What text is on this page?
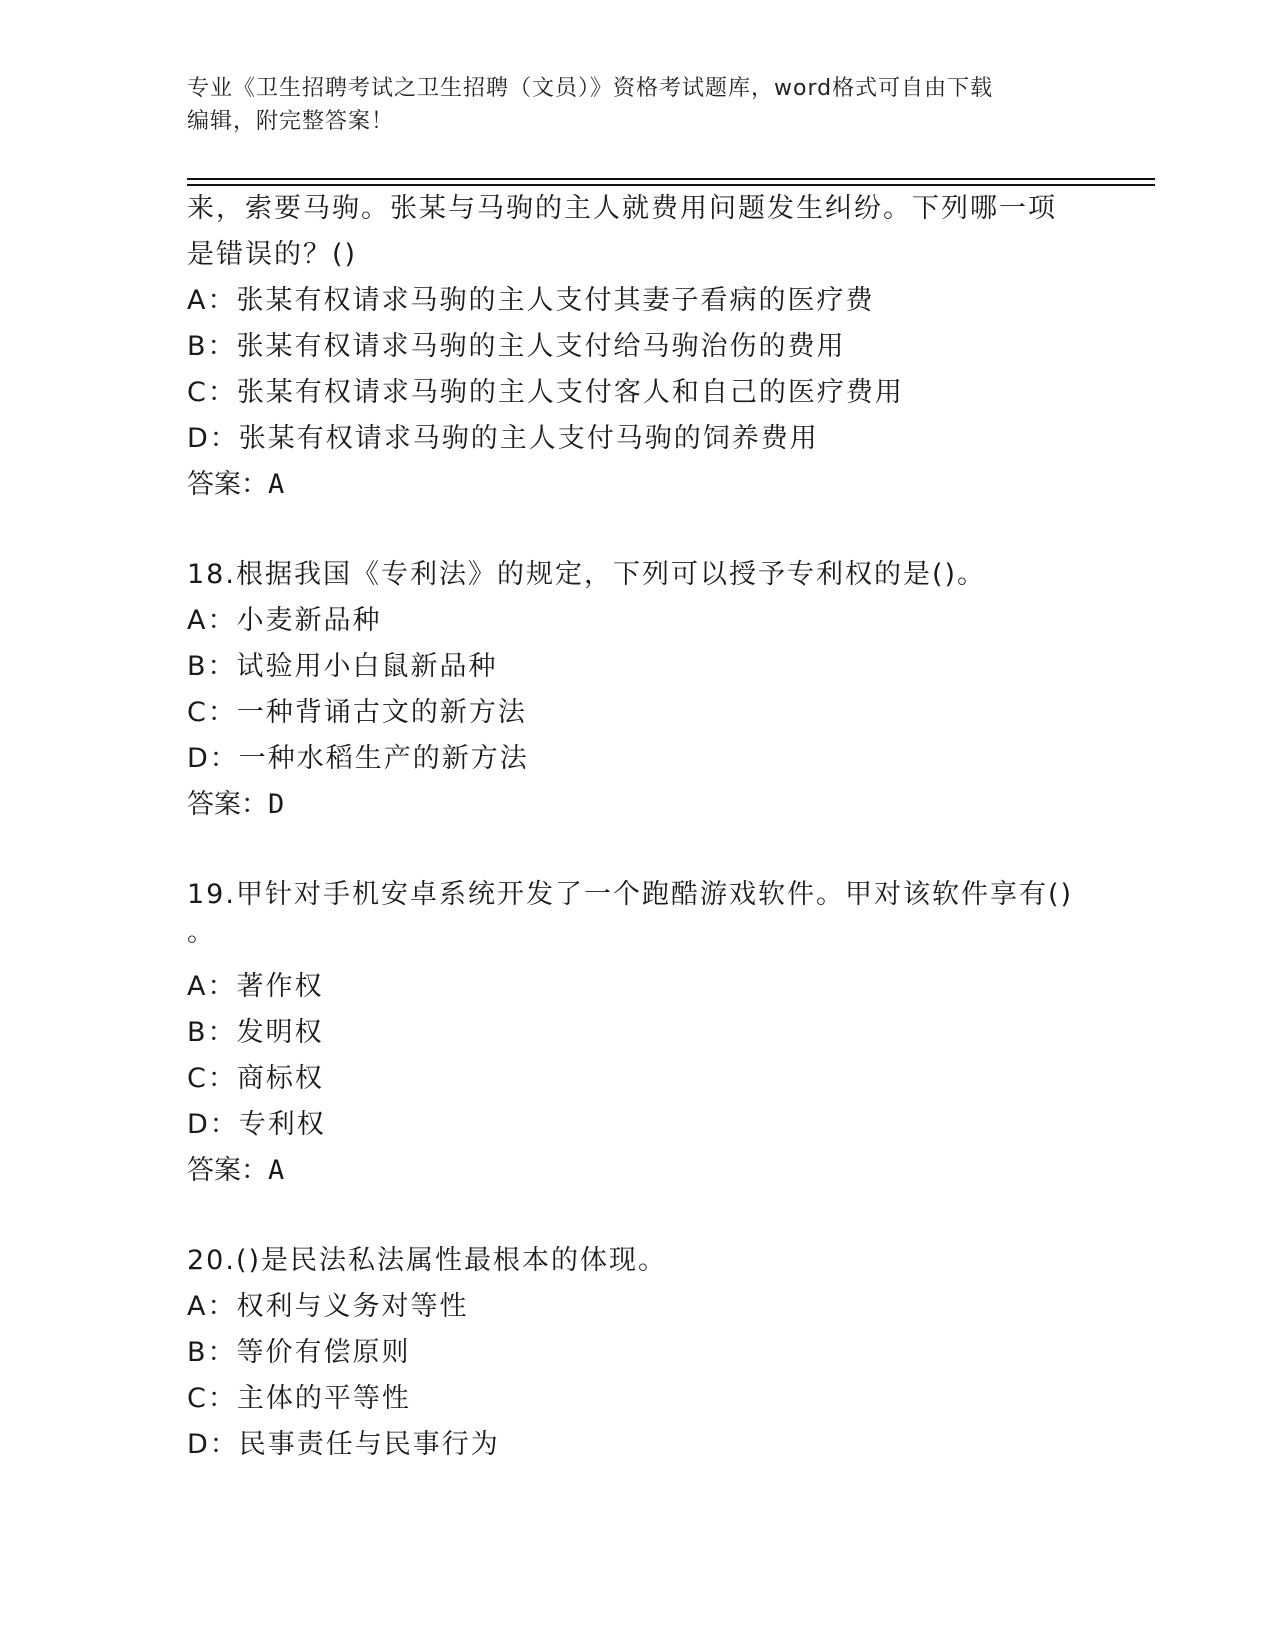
专业《卫生招聘考试之卫生招聘（文员）》资格考试题库，word格式可自由下载
编辑，附完整答案！
来，索要马驹。张某与马驹的主人就费用问题发生纠纷。下列哪一项
是错误的？()
A：张某有权请求马驹的主人支付其妻子看病的医疗费
B：张某有权请求马驹的主人支付给马驹治伤的费用
C：张某有权请求马驹的主人支付客人和自己的医疗费用
D：张某有权请求马驹的主人支付马驹的饲养费用
答案：A
18.根据我国《专利法》的规定，下列可以授予专利权的是()。
A：小麦新品种
B：试验用小白鼠新品种
C：一种背诵古文的新方法
D：一种水稻生产的新方法
答案：D
19.甲针对手机安卓系统开发了一个跑酷游戏软件。甲对该软件享有()
。
A：著作权
B：发明权
C：商标权
D：专利权
答案：A
20.()是民法私法属性最根本的体现。
A：权利与义务对等性
B：等价有偿原则
C：主体的平等性
D：民事责任与民事行为
